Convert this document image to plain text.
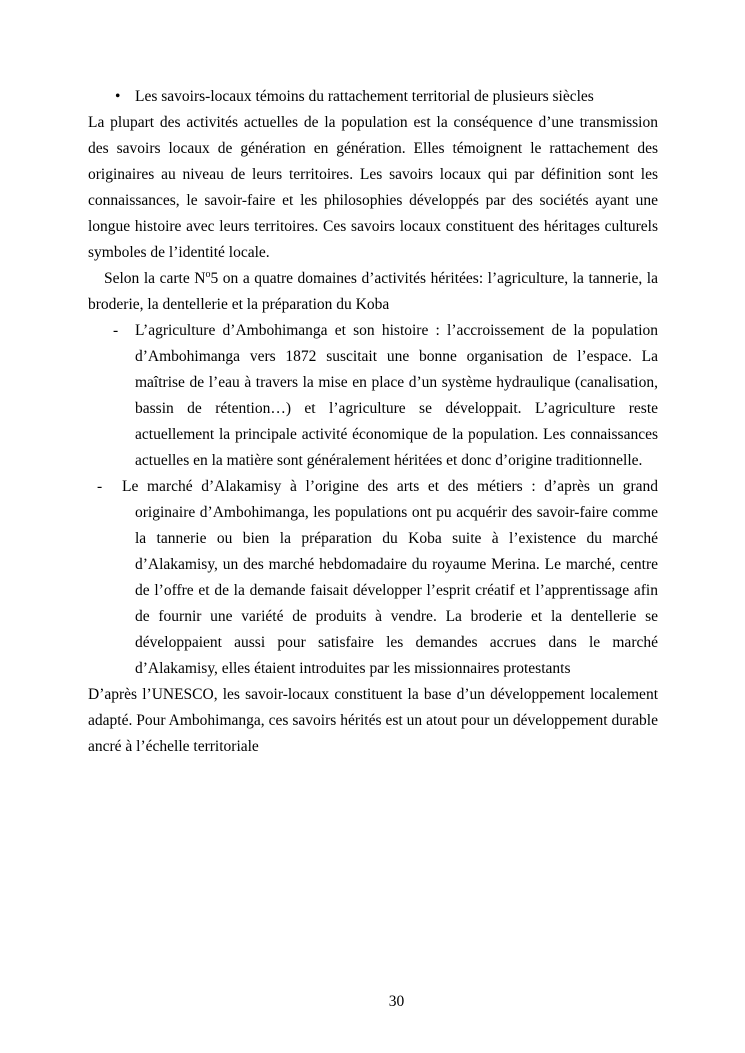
• Les savoirs-locaux témoins du rattachement territorial de plusieurs siècles

La plupart des activités actuelles de la population est la conséquence d’une transmission des savoirs locaux de génération en génération. Elles témoignent le rattachement des originaires au niveau de leurs territoires. Les savoirs locaux qui par définition sont les connaissances, le savoir-faire et les philosophies développés par des sociétés ayant une longue histoire avec leurs territoires. Ces savoirs locaux constituent des héritages culturels symboles de l’identité locale.

Selon la carte $N^o5$ on a quatre domaines d’activités héritées: l’agriculture, la tannerie, la broderie, la dentellerie et la préparation du Koba

- L’agriculture d’Ambohimanga et son histoire : l’accroissement de la population d’Ambohimanga vers 1872 suscitait une bonne organisation de l’espace. La maîtrise de l’eau à travers la mise en place d’un système hydraulique (canalisation, bassin de rétention…) et l’agriculture se développait. L’agriculture reste actuellement la principale activité économique de la population. Les connaissances actuelles en la matière sont généralement héritées et donc d’origine traditionnelle.
-	Le marché d’Alakamisy à l’origine des arts et des métiers : d’après un grand originaire d’Ambohimanga, les populations ont pu acquérir des savoir-faire comme la tannerie ou bien la préparation du Koba suite à l’existence du marché d’Alakamisy, un des marché hebdomadaire du royaume Merina. Le marché, centre de l’offre et de la demande faisait développer l’esprit créatif et l’apprentissage afin de fournir une variété de produits à vendre. La broderie et la dentellerie se développaient aussi pour satisfaire les demandes accrues dans le marché d’Alakamisy, elles étaient introduites par les missionnaires protestants

D’après l’UNESCO, les savoir-locaux constituent la base d’un développement localement adapté. Pour Ambohimanga, ces savoirs hérités est un atout pour un développement durable ancré à l’échelle territoriale

30
